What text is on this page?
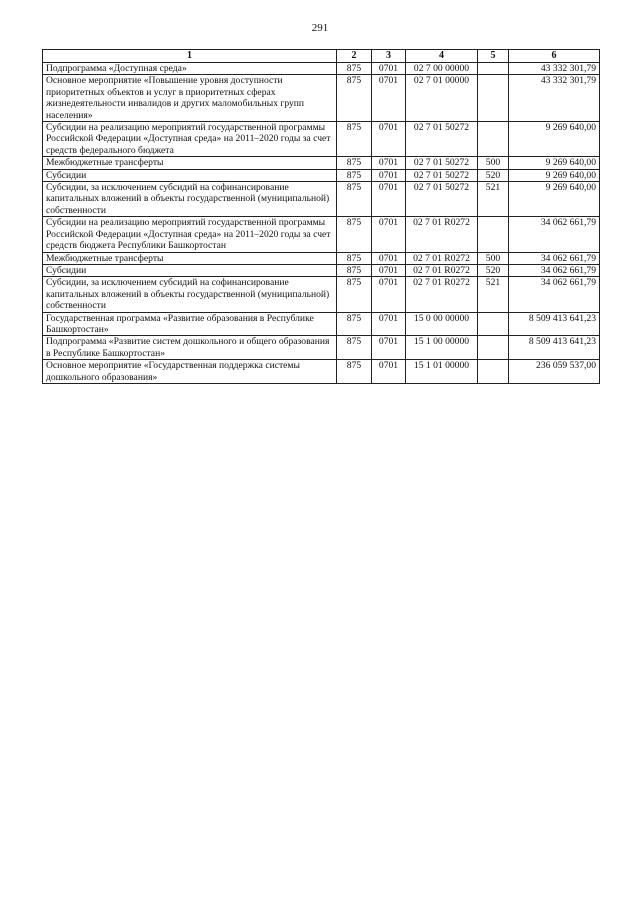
291
1	2	3	4	5	6
Подпрограмма «Доступная среда»	875	0701	02 7 00 00000		43 332 301,79
Основное мероприятие «Повышение уровня доступности приоритетных объектов и услуг в приоритетных сферах жизнедеятельности инвалидов и других маломобильных групп населения»	875	0701	02 7 01 00000		43 332 301,79
Субсидии на реализацию мероприятий государственной программы Российской Федерации «Доступная среда» на 2011–2020 годы за счет средств федерального бюджета	875	0701	02 7 01 50272		9 269 640,00
Межбюджетные трансферты	875	0701	02 7 01 50272	500	9 269 640,00
Субсидии	875	0701	02 7 01 50272	520	9 269 640,00
Субсидии, за исключением субсидий на софинансирование капитальных вложений в объекты государственной (муниципальной) собственности	875	0701	02 7 01 50272	521	9 269 640,00
Субсидии на реализацию мероприятий государственной программы Российской Федерации «Доступная среда» на 2011–2020 годы за счет средств бюджета Республики Башкортостан	875	0701	02 7 01 R0272		34 062 661,79
Межбюджетные трансферты	875	0701	02 7 01 R0272	500	34 062 661,79
Субсидии	875	0701	02 7 01 R0272	520	34 062 661,79
Субсидии, за исключением субсидий на софинансирование капитальных вложений в объекты государственной (муниципальной) собственности	875	0701	02 7 01 R0272	521	34 062 661,79
Государственная программа «Развитие образования в Республике Башкортостан»	875	0701	15 0 00 00000		8 509 413 641,23
Подпрограмма «Развитие систем дошкольного и общего образования в Республике Башкортостан»	875	0701	15 1 00 00000		8 509 413 641,23
Основное мероприятие «Государственная поддержка системы дошкольного образования»	875	0701	15 1 01 00000		236 059 537,00
